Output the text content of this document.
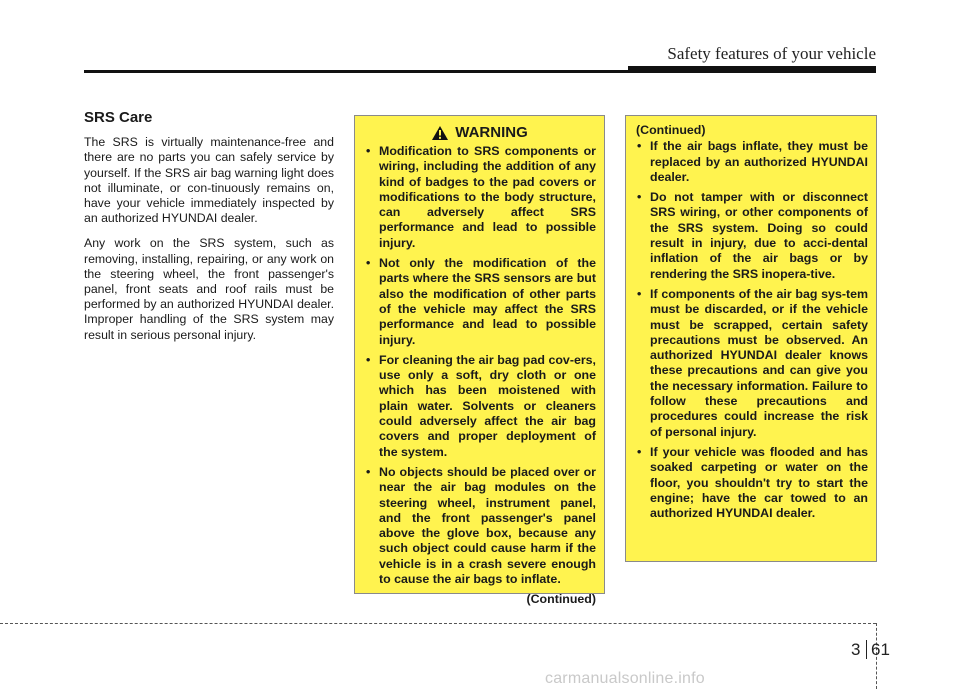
Safety features of your vehicle
SRS Care

The SRS is virtually maintenance-free and there are no parts you can safely service by yourself. If the SRS air bag warning light does not illuminate, or con-tinuously remains on, have your vehicle immediately inspected by an authorized HYUNDAI dealer.

Any work on the SRS system, such as removing, installing, repairing, or any work on the steering wheel, the front passenger's panel, front seats and roof rails must be performed by an authorized HYUNDAI dealer. Improper handling of the SRS system may result in serious personal injury.

WARNING
• Modification to SRS components or wiring, including the addition of any kind of badges to the pad covers or modifications to the body structure, can adversely affect SRS performance and lead to possible injury.
• Not only the modification of the parts where the SRS sensors are but also the modification of other parts of the vehicle may affect the SRS performance and lead to possible injury.
• For cleaning the air bag pad cov-ers, use only a soft, dry cloth or one which has been moistened with plain water. Solvents or cleaners could adversely affect the air bag covers and proper deployment of the system.
• No objects should be placed over or near the air bag modules on the steering wheel, instrument panel, and the front passenger's panel above the glove box, because any such object could cause harm if the vehicle is in a crash severe enough to cause the air bags to inflate.
(Continued)
(Continued)
• If the air bags inflate, they must be replaced by an authorized HYUNDAI dealer.
• Do not tamper with or disconnect SRS wiring, or other components of the SRS system. Doing so could result in injury, due to acci-dental inflation of the air bags or by rendering the SRS inopera-tive.
• If components of the air bag sys-tem must be discarded, or if the vehicle must be scrapped, certain safety precautions must be observed. An authorized HYUNDAI dealer knows these precautions and can give you the necessary information. Failure to follow these precautions and procedures could increase the risk of personal injury.
• If your vehicle was flooded and has soaked carpeting or water on the floor, you shouldn't try to start the engine; have the car towed to an authorized HYUNDAI dealer.
3 61
carmanualsonline.info
